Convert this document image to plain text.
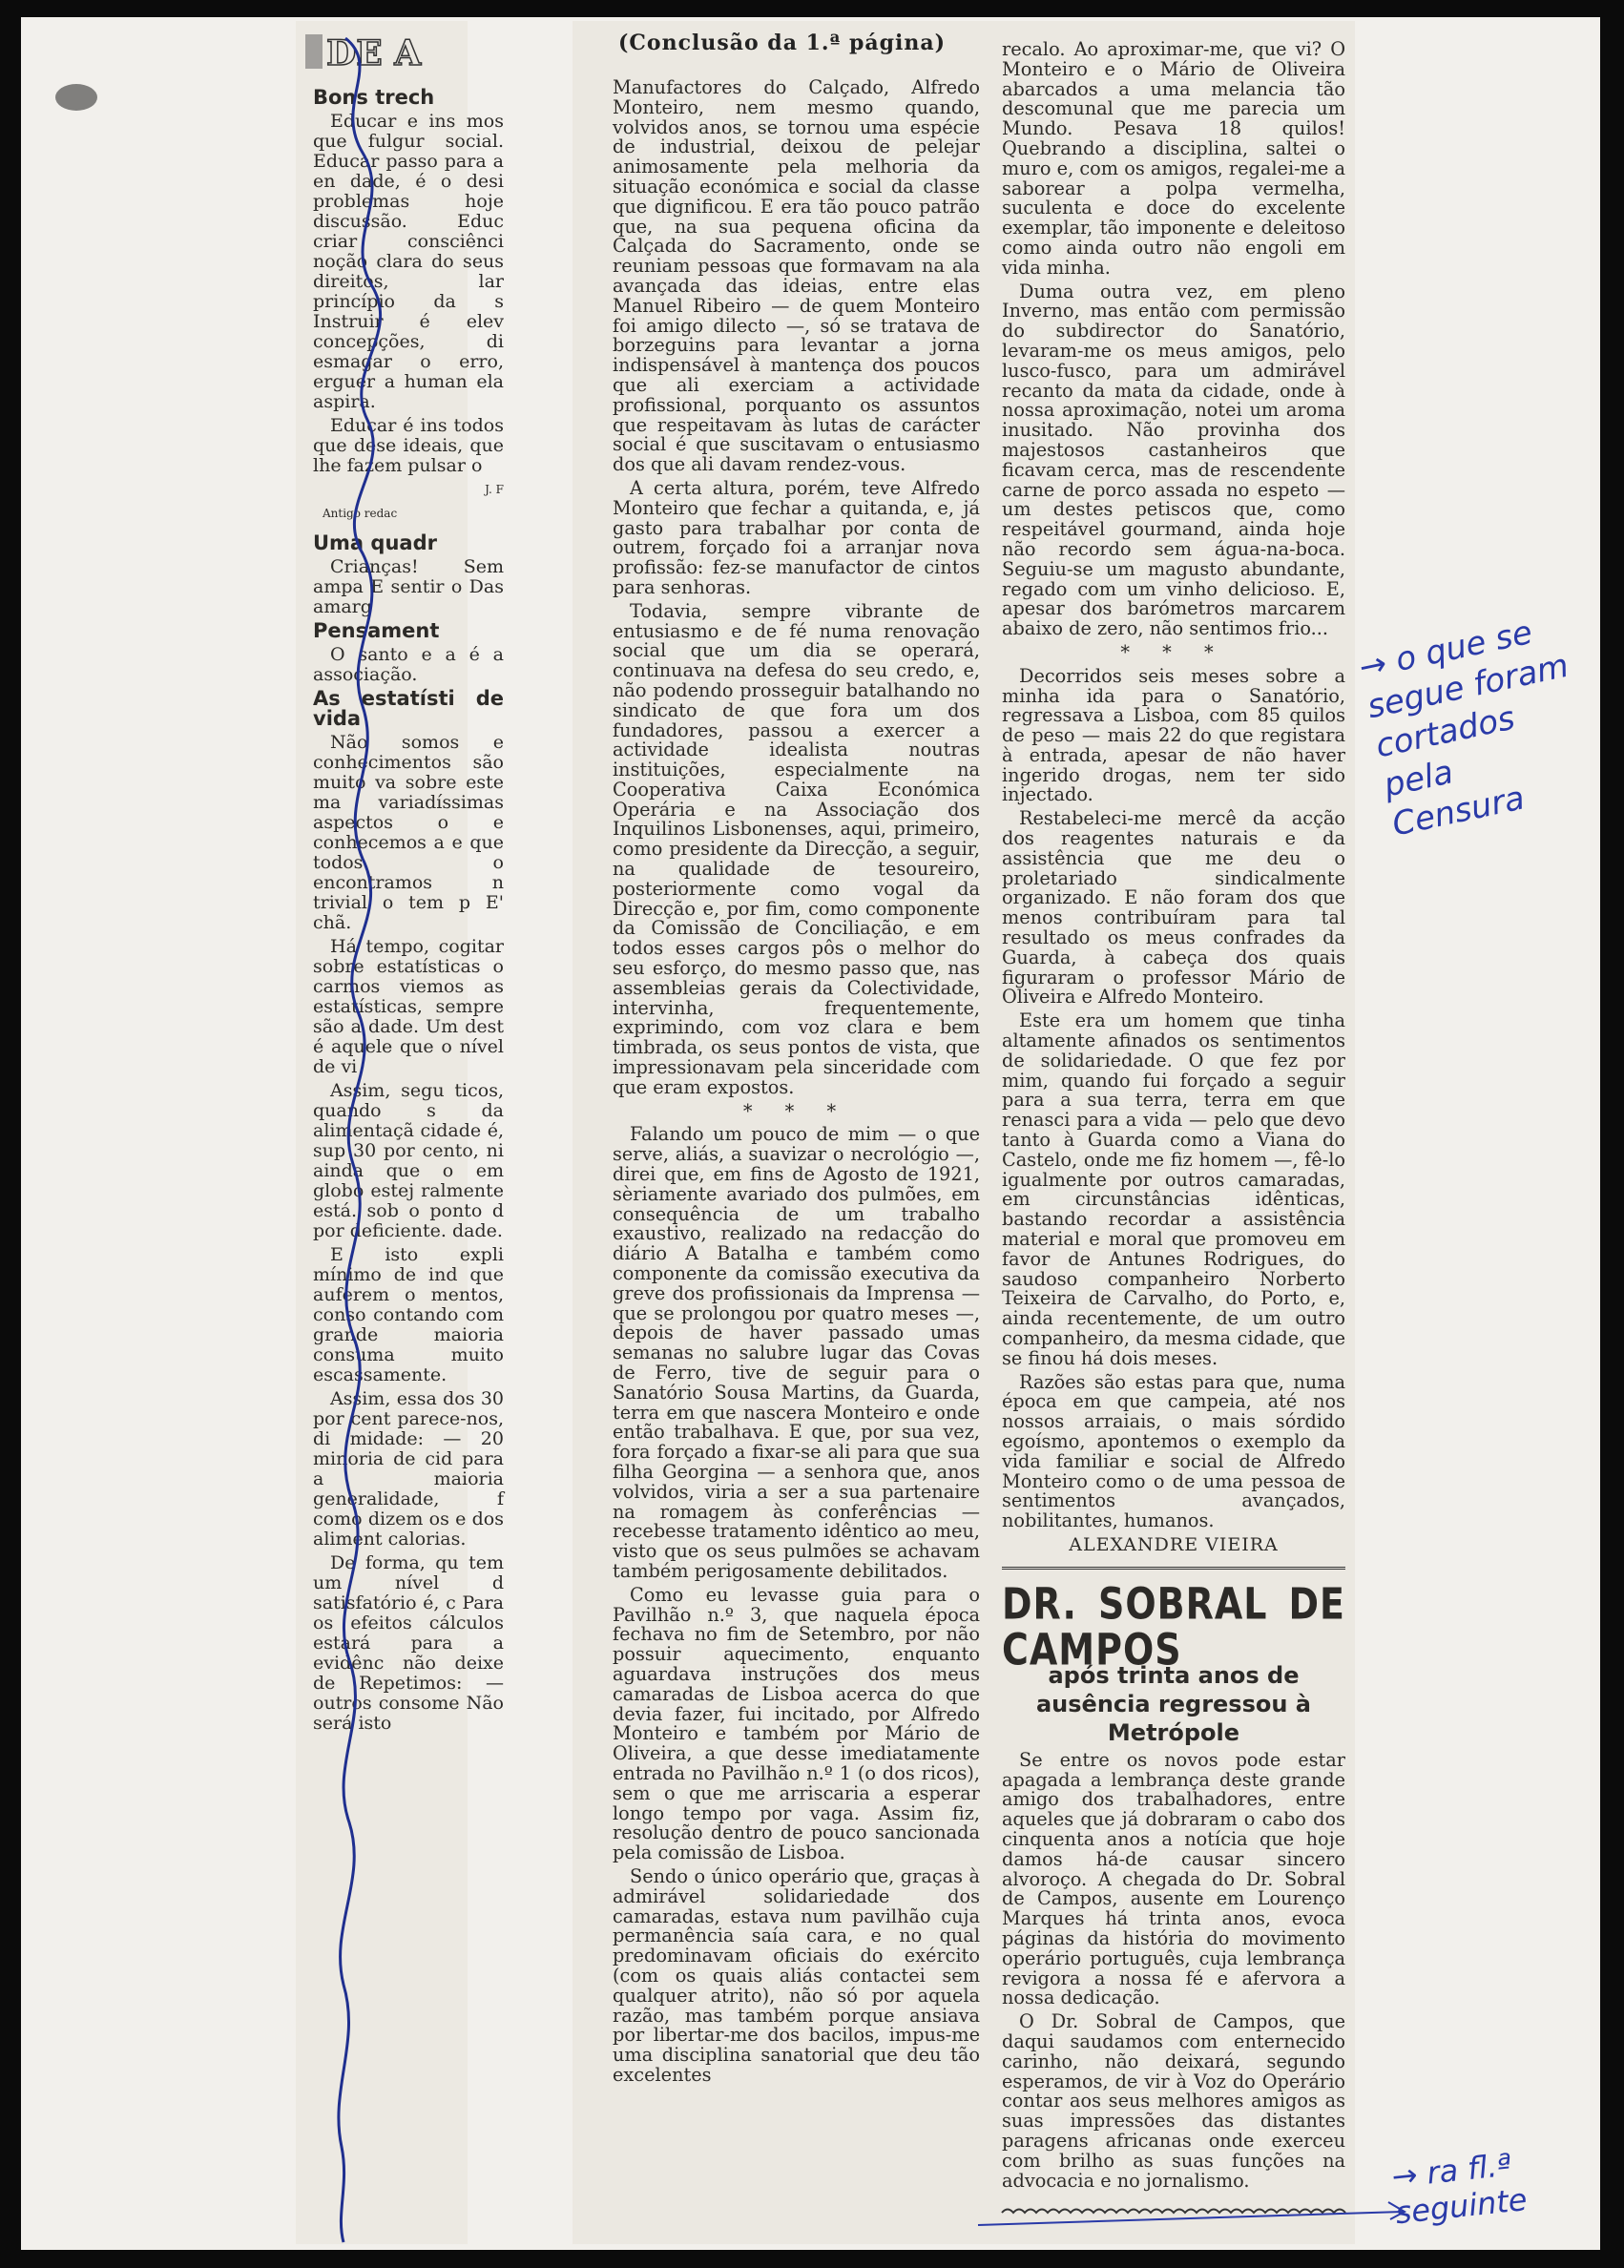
DE A

Bons trech

Educar e ins mos que fulgur social. Educar passo para a en dade, é o desi problemas hoje discussão. Educ criar consciênci noção clara do seus direitos, lar princípio da s Instruir é elev concepções, di esmagar o erro, erguer a human ela aspira.

Educar é ins todos que dese ideais, que lhe fazem pulsar o

J. F
Antigo redac

Uma quadr

Crianças! Sem ampa E sentir o Das amarg

Pensament

O santo e a é a associação.

As estatísti de vida

Não somos e conhecimentos são muito va sobre este ma variadíssimas aspectos o e conhecemos a e que todos o encontramos n trivial o tem p E' chã.

Há tempo, cogitar sobre estatísticas o carmos viemos as estatísticas, sempre são a dade. Um dest é aquele que o nível de vi

Assim, segu ticos, quando s da alimentaçã cidade é, sup 30 por cento, ni ainda que o em globo estej ralmente está. sob o ponto d por deficiente. dade.

E isto expli mínimo de ind que auferem o mentos, conso contando com grande maioria consuma muito escassamente.

Assim, essa dos 30 por cent parece-nos, di midade: — 20 minoria de cid para a maioria generalidade, f como dizem os e dos aliment calorias.

De forma, qu tem um nível d satisfatório é, c Para os efeitos cálculos estará para a evidênc não deixe de Repetimos: — outros consome Não será isto

(Conclusão da 1.ª página)

Manufactores do Calçado, Alfredo Monteiro, nem mesmo quando, volvidos anos, se tornou uma espécie de industrial, deixou de pelejar animosamente pela melhoria da situação económica e social da classe que dignificou. E era tão pouco patrão que, na sua pequena oficina da Calçada do Sacramento, onde se reuniam pessoas que formavam na ala avançada das ideias, entre elas Manuel Ribeiro — de quem Monteiro foi amigo dilecto —, só se tratava de borzeguins para levantar a jorna indispensável à mantença dos poucos que ali exerciam a actividade profissional, porquanto os assuntos que respeitavam às lutas de carácter social é que suscitavam o entusiasmo dos que ali davam rendez-vous.

A certa altura, porém, teve Alfredo Monteiro que fechar a quitanda, e, já gasto para trabalhar por conta de outrem, forçado foi a arranjar nova profissão: fez-se manufactor de cintos para senhoras.

Todavia, sempre vibrante de entusiasmo e de fé numa renovação social que um dia se operará, continuava na defesa do seu credo, e, não podendo prosseguir batalhando no sindicato de que fora um dos fundadores, passou a exercer a actividade idealista noutras instituições, especialmente na Cooperativa Caixa Económica Operária e na Associação dos Inquilinos Lisbonenses, aqui, primeiro, como presidente da Direcção, a seguir, na qualidade de tesoureiro, posteriormente como vogal da Direcção e, por fim, como componente da Comissão de Conciliação, e em todos esses cargos pôs o melhor do seu esforço, do mesmo passo que, nas assembleias gerais da Colectividade, intervinha, frequentemente, exprimindo, com voz clara e bem timbrada, os seus pontos de vista, que impressionavam pela sinceridade com que eram expostos.

* * *

Falando um pouco de mim — o que serve, aliás, a suavizar o necrológio —, direi que, em fins de Agosto de 1921, sèriamente avariado dos pulmões, em consequência de um trabalho exaustivo, realizado na redacção do diário A Batalha e também como componente da comissão executiva da greve dos profissionais da Imprensa — que se prolongou por quatro meses —, depois de haver passado umas semanas no salubre lugar das Covas de Ferro, tive de seguir para o Sanatório Sousa Martins, da Guarda, terra em que nascera Monteiro e onde então trabalhava. E que, por sua vez, fora forçado a fixar-se ali para que sua filha Georgina — a senhora que, anos volvidos, viria a ser a sua partenaire na romagem às conferências — recebesse tratamento idêntico ao meu, visto que os seus pulmões se achavam também perigosamente debilitados.

Como eu levasse guia para o Pavilhão n.º 3, que naquela época fechava no fim de Setembro, por não possuir aquecimento, enquanto aguardava instruções dos meus camaradas de Lisboa acerca do que devia fazer, fui incitado, por Alfredo Monteiro e também por Mário de Oliveira, a que desse imediatamente entrada no Pavilhão n.º 1 (o dos ricos), sem o que me arriscaria a esperar longo tempo por vaga. Assim fiz, resolução dentro de pouco sancionada pela comissão de Lisboa.

Sendo o único operário que, graças à admirável solidariedade dos camaradas, estava num pavilhão cuja permanência saía cara, e no qual predominavam oficiais do exército (com os quais aliás contactei sem qualquer atrito), não só por aquela razão, mas também porque ansiava por libertar-me dos bacilos, impus-me uma disciplina sanatorial que deu tão excelentes

recalo. Ao aproximar-me, que vi? O Monteiro e o Mário de Oliveira abarcados a uma melancia tão descomunal que me parecia um Mundo. Pesava 18 quilos! Quebrando a disciplina, saltei o muro e, com os amigos, regalei-me a saborear a polpa vermelha, suculenta e doce do excelente exemplar, tão imponente e deleitoso como ainda outro não engoli em vida minha.

Duma outra vez, em pleno Inverno, mas então com permissão do subdirector do Sanatório, levaram-me os meus amigos, pelo lusco-fusco, para um admirável recanto da mata da cidade, onde à nossa aproximação, notei um aroma inusitado. Não provinha dos majestosos castanheiros que ficavam cerca, mas de rescendente carne de porco assada no espeto — um destes petiscos que, como respeitável gourmand, ainda hoje não recordo sem água-na-boca. Seguiu-se um magusto abundante, regado com um vinho delicioso. E, apesar dos barómetros marcarem abaixo de zero, não sentimos frio...

* * *

Decorridos seis meses sobre a minha ida para o Sanatório, regressava a Lisboa, com 85 quilos de peso — mais 22 do que registara à entrada, apesar de não haver ingerido drogas, nem ter sido injectado.

Restabeleci-me mercê da acção dos reagentes naturais e da assistência que me deu o proletariado sindicalmente organizado. E não foram dos que menos contribuíram para tal resultado os meus confrades da Guarda, à cabeça dos quais figuraram o professor Mário de Oliveira e Alfredo Monteiro.

Este era um homem que tinha altamente afinados os sentimentos de solidariedade. O que fez por mim, quando fui forçado a seguir para a sua terra, terra em que renasci para a vida — pelo que devo tanto à Guarda como a Viana do Castelo, onde me fiz homem —, fê-lo igualmente por outros camaradas, em circunstâncias idênticas, bastando recordar a assistência material e moral que promoveu em favor de Antunes Rodrigues, do saudoso companheiro Norberto Teixeira de Carvalho, do Porto, e, ainda recentemente, de um outro companheiro, da mesma cidade, que se finou há dois meses.

Razões são estas para que, numa época em que campeia, até nos nossos arraiais, o mais sórdido egoísmo, apontemos o exemplo da vida familiar e social de Alfredo Monteiro como o de uma pessoa de sentimentos avançados, nobilitantes, humanos.

ALEXANDRE VIEIRA

DR. SOBRAL DE CAMPOS

após trinta anos de ausência regressou à Metrópole

Se entre os novos pode estar apagada a lembrança deste grande amigo dos trabalhadores, entre aqueles que já dobraram o cabo dos cinquenta anos a notícia que hoje damos há-de causar sincero alvoroço. A chegada do Dr. Sobral de Campos, ausente em Lourenço Marques há trinta anos, evoca páginas da história do movimento operário português, cuja lembrança revigora a nossa fé e afervora a nossa dedicação.

O Dr. Sobral de Campos, que daqui saudamos com enternecido carinho, não deixará, segundo esperamos, de vir à Voz do Operário contar aos seus melhores amigos as suas impressões das distantes paragens africanas onde exerceu com brilho as suas funções na advocacia e no jornalismo.

→ o que se segue foram cortados pela Censura
→ ra fl.ª seguinte
